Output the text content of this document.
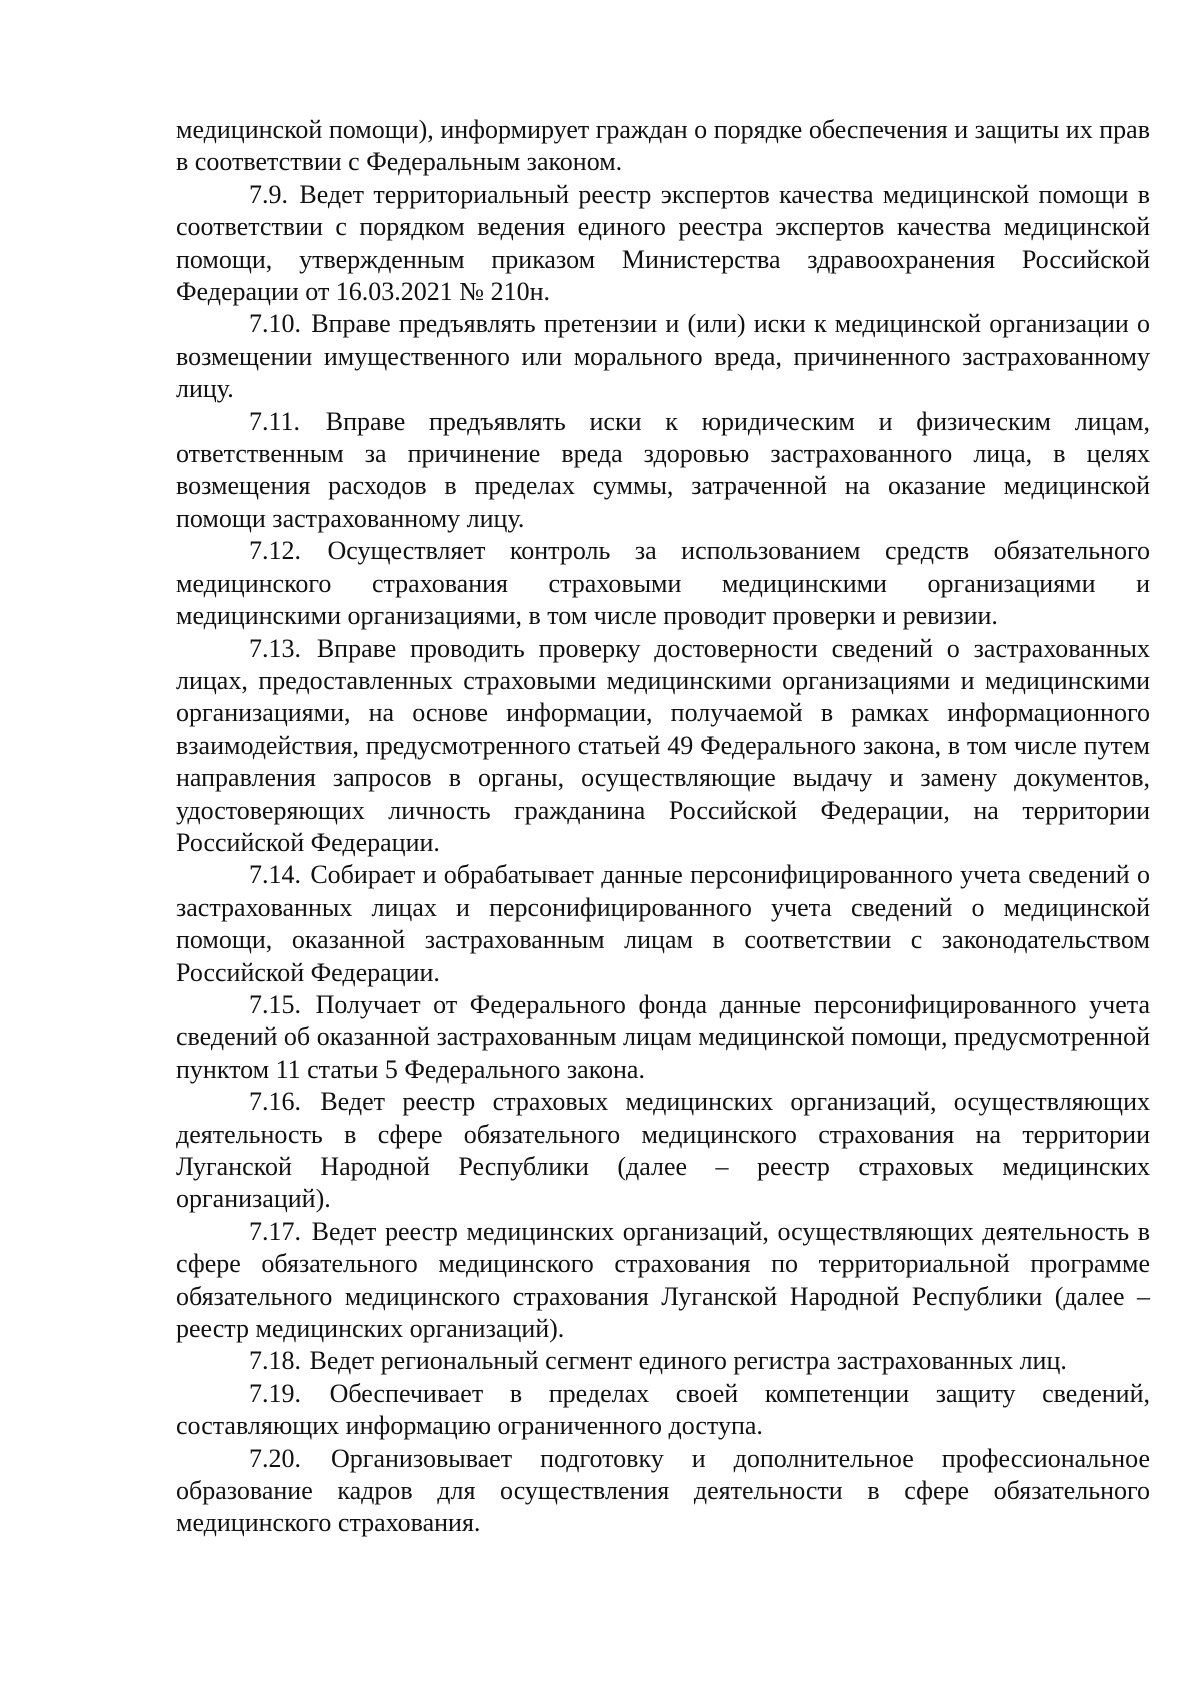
медицинской помощи), информирует граждан о порядке обеспечения и защиты их прав в соответствии с Федеральным законом.

7.9. Ведет территориальный реестр экспертов качества медицинской помощи в соответствии с порядком ведения единого реестра экспертов качества медицинской помощи, утвержденным приказом Министерства здравоохранения Российской Федерации от 16.03.2021 № 210н.

7.10. Вправе предъявлять претензии и (или) иски к медицинской организации о возмещении имущественного или морального вреда, причиненного застрахованному лицу.

7.11. Вправе предъявлять иски к юридическим и физическим лицам, ответственным за причинение вреда здоровью застрахованного лица, в целях возмещения расходов в пределах суммы, затраченной на оказание медицинской помощи застрахованному лицу.

7.12. Осуществляет контроль за использованием средств обязательного медицинского страхования страховыми медицинскими организациями и медицинскими организациями, в том числе проводит проверки и ревизии.

7.13. Вправе проводить проверку достоверности сведений о застрахованных лицах, предоставленных страховыми медицинскими организациями и медицинскими организациями, на основе информации, получаемой в рамках информационного взаимодействия, предусмотренного статьей 49 Федерального закона, в том числе путем направления запросов в органы, осуществляющие выдачу и замену документов, удостоверяющих личность гражданина Российской Федерации, на территории Российской Федерации.

7.14. Собирает и обрабатывает данные персонифицированного учета сведений о застрахованных лицах и персонифицированного учета сведений о медицинской помощи, оказанной застрахованным лицам в соответствии с законодательством Российской Федерации.

7.15. Получает от Федерального фонда данные персонифицированного учета сведений об оказанной застрахованным лицам медицинской помощи, предусмотренной пунктом 11 статьи 5 Федерального закона.

7.16. Ведет реестр страховых медицинских организаций, осуществляющих деятельность в сфере обязательного медицинского страхования на территории Луганской Народной Республики (далее – реестр страховых медицинских организаций).

7.17. Ведет реестр медицинских организаций, осуществляющих деятельность в сфере обязательного медицинского страхования по территориальной программе обязательного медицинского страхования Луганской Народной Республики (далее – реестр медицинских организаций).

7.18. Ведет региональный сегмент единого регистра застрахованных лиц.

7.19. Обеспечивает в пределах своей компетенции защиту сведений, составляющих информацию ограниченного доступа.

7.20. Организовывает подготовку и дополнительное профессиональное образование кадров для осуществления деятельности в сфере обязательного медицинского страхования.
